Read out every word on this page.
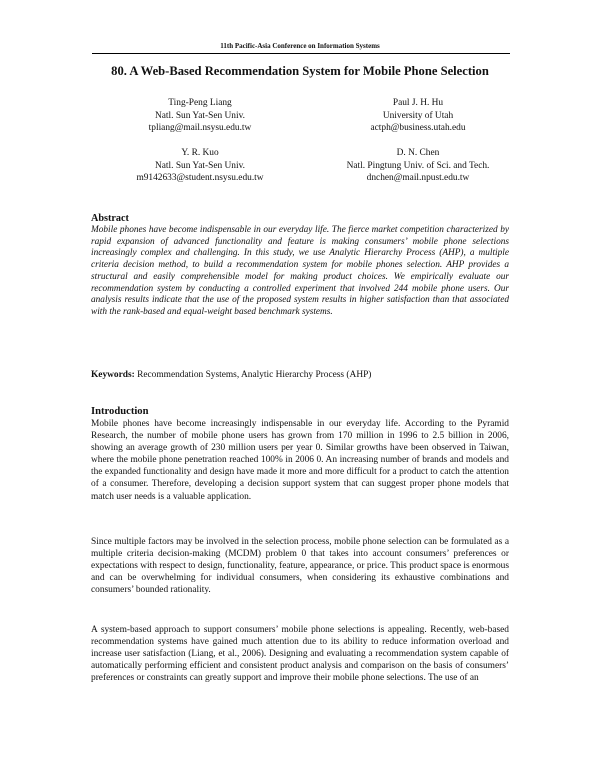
11th Pacific-Asia Conference on Information Systems
80. A Web-Based Recommendation System for Mobile Phone Selection
Ting-Peng Liang
Natl. Sun Yat-Sen Univ.
tpliang@mail.nsysu.edu.tw
Paul J. H. Hu
University of Utah
actph@business.utah.edu
Y. R. Kuo
Natl. Sun Yat-Sen Univ.
m9142633@student.nsysu.edu.tw
D. N. Chen
Natl. Pingtung Univ. of Sci. and Tech.
dnchen@mail.npust.edu.tw
Abstract

Mobile phones have become indispensable in our everyday life. The fierce market competition characterized by rapid expansion of advanced functionality and feature is making consumers’ mobile phone selections increasingly complex and challenging. In this study, we use Analytic Hierarchy Process (AHP), a multiple criteria decision method, to build a recommendation system for mobile phones selection. AHP provides a structural and easily comprehensible model for making product choices. We empirically evaluate our recommendation system by conducting a controlled experiment that involved 244 mobile phone users. Our analysis results indicate that the use of the proposed system results in higher satisfaction than that associated with the rank-based and equal-weight based benchmark systems.

Keywords: Recommendation Systems, Analytic Hierarchy Process (AHP)
Introduction

Mobile phones have become increasingly indispensable in our everyday life. According to the Pyramid Research, the number of mobile phone users has grown from 170 million in 1996 to 2.5 billion in 2006, showing an average growth of 230 million users per year 0. Similar growths have been observed in Taiwan, where the mobile phone penetration reached 100% in 2006 0. An increasing number of brands and models and the expanded functionality and design have made it more and more difficult for a product to catch the attention of a consumer. Therefore, developing a decision support system that can suggest proper phone models that match user needs is a valuable application.

Since multiple factors may be involved in the selection process, mobile phone selection can be formulated as a multiple criteria decision-making (MCDM) problem 0 that takes into account consumers’ preferences or expectations with respect to design, functionality, feature, appearance, or price. This product space is enormous and can be overwhelming for individual consumers, when considering its exhaustive combinations and consumers’ bounded rationality.

A system-based approach to support consumers’ mobile phone selections is appealing. Recently, web-based recommendation systems have gained much attention due to its ability to reduce information overload and increase user satisfaction (Liang, et al., 2006). Designing and evaluating a recommendation system capable of automatically performing efficient and consistent product analysis and comparison on the basis of consumers’ preferences or constraints can greatly support and improve their mobile phone selections. The use of an
